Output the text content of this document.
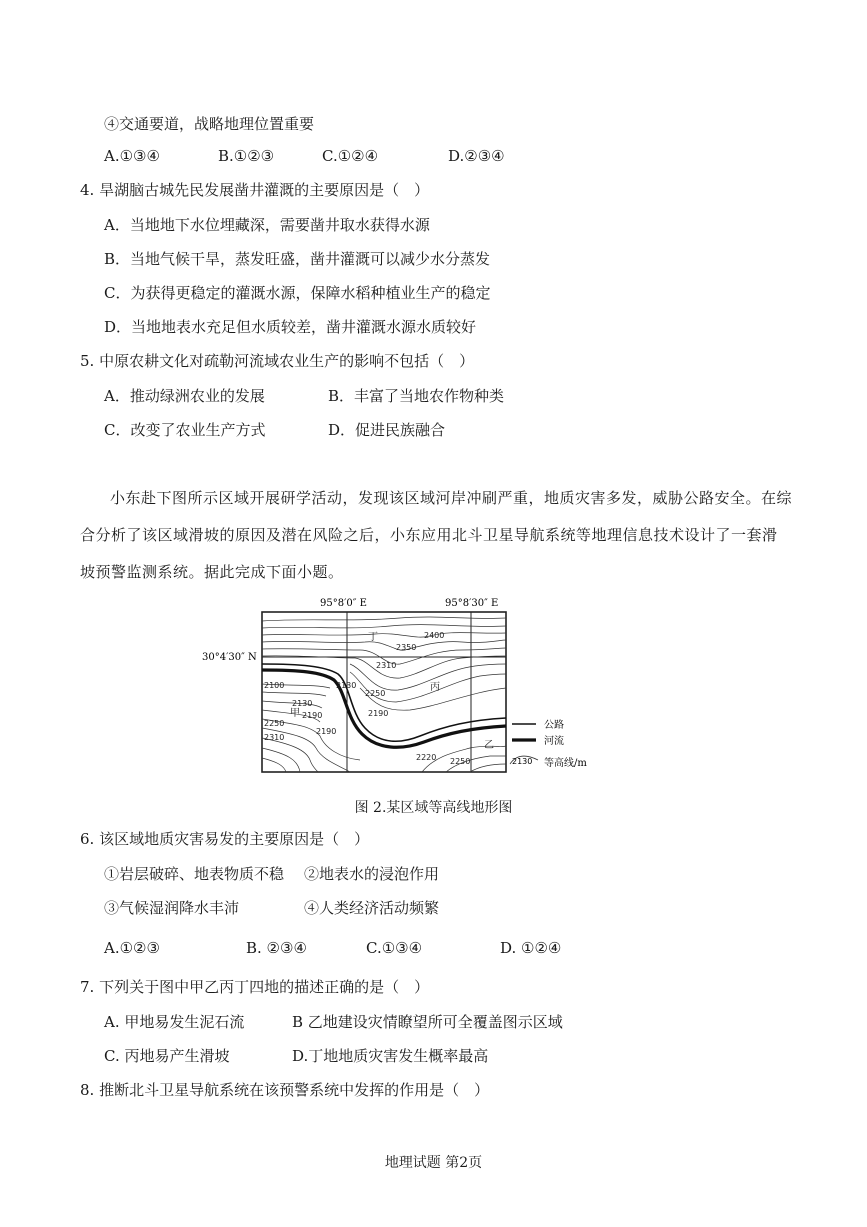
④交通要道，战略地理位置重要
A.①③④	B.①②③	C.①②④	D.②③④
4. 旱湖脑古城先民发展凿井灌溉的主要原因是（　）
A．当地地下水位埋藏深，需要凿井取水获得水源
B．当地气候干旱，蒸发旺盛，凿井灌溉可以减少水分蒸发
C．为获得更稳定的灌溉水源，保障水稻种植业生产的稳定
D．当地地表水充足但水质较差，凿井灌溉水源水质较好
5. 中原农耕文化对疏勒河流域农业生产的影响不包括（　）
A．推动绿洲农业的发展	B．丰富了当地农作物种类
C．改变了农业生产方式	D．促进民族融合
小东赴下图所示区域开展研学活动，发现该区域河岸冲刷严重，地质灾害多发，威胁公路安全。在综合分析了该区域滑坡的原因及潜在风险之后，小东应用北斗卫星导航系统等地理信息技术设计了一套滑坡预警监测系统。据此完成下面小题。
95°8′0″ E	95°8′30″ E
30°4′30″ N
2400
2350
2310
2130
2250
2100
2190
2250
2310
2190
2220 2250
2130
2190
丁
丙
甲
乙
公路
河流
2130 等高线/m
图 2.某区域等高线地形图
6. 该区域地质灾害易发的主要原因是（　）
①岩层破碎、地表物质不稳 ②地表水的浸泡作用
③气候湿润降水丰沛	④人类经济活动频繁
A.①②③	B. ②③④	C.①③④	D. ①②④
7. 下列关于图中甲乙丙丁四地的描述正确的是（　）
A. 甲地易发生泥石流	B 乙地建设灾情瞭望所可全覆盖图示区域
C. 丙地易产生滑坡	D.丁地地质灾害发生概率最高
8. 推断北斗卫星导航系统在该预警系统中发挥的作用是（　）
地理试题 第2页
